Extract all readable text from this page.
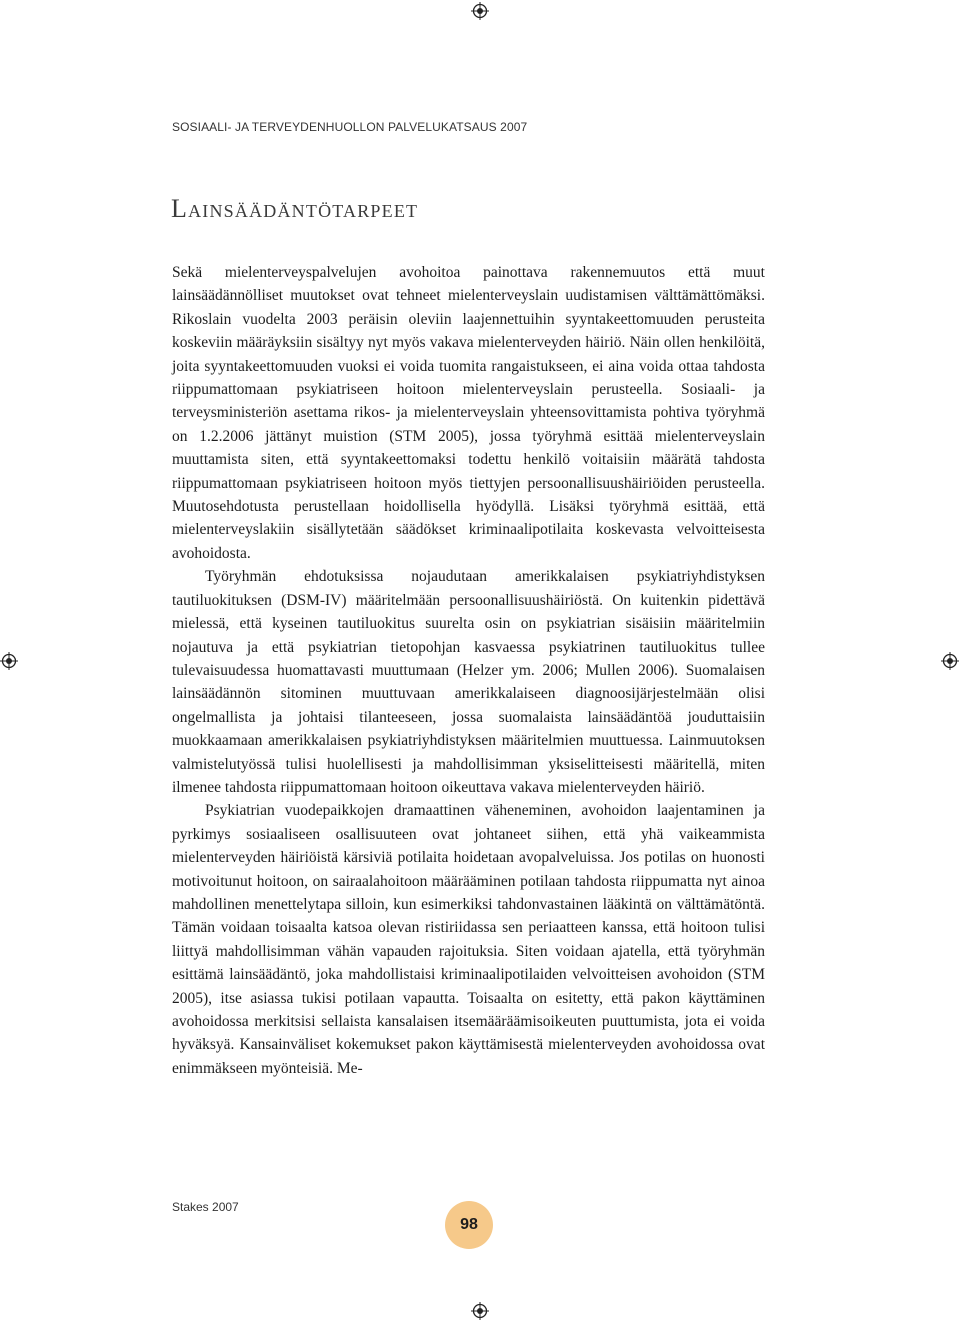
SOSIAALI- JA TERVEYDENHUOLLON PALVELUKATSAUS 2007
Lainsäädäntötarpeet

Sekä mielenterveyspalvelujen avohoitoa painottava rakennemuutos että muut lainsäädännölliset muutokset ovat tehneet mielenterveyslain uudistamisen välttämättömäksi. Rikoslain vuodelta 2003 peräisin oleviin laajennettuihin syyntakeettomuuden perusteita koskeviin määräyksiin sisältyy nyt myös vakava mielenterveyden häiriö. Näin ollen henkilöitä, joita syyntakeettomuuden vuoksi ei voida tuomita rangaistukseen, ei aina voida ottaa tahdosta riippumattomaan psykiatriseen hoitoon mielenterveyslain perusteella. Sosiaali- ja terveysministeriön asettama rikos- ja mielenterveyslain yhteensovittamista pohtiva työryhmä on 1.2.2006 jättänyt muistion (STM 2005), jossa työryhmä esittää mielenterveyslain muuttamista siten, että syyntakeettomaksi todettu henkilö voitaisiin määrätä tahdosta riippumattomaan psykiatriseen hoitoon myös tiettyjen persoonallisuushäiriöiden perusteella. Muutosehdotusta perustellaan hoidollisella hyödyllä. Lisäksi työryhmä esittää, että mielenterveyslakiin sisällytetään säädökset kriminaalipotilaita koskevasta velvoitteisesta avohoidosta.

Työryhmän ehdotuksissa nojaudutaan amerikkalaisen psykiatriyhdistyksen tautiluokituksen (DSM-IV) määritelmään persoonallisuushäiriöstä. On kuitenkin pidettävä mielessä, että kyseinen tautiluokitus suurelta osin on psykiatrian sisäisiin määritelmiin nojautuva ja että psykiatrian tietopohjan kasvaessa psykiatrinen tautiluokitus tullee tulevaisuudessa huomattavasti muuttumaan (Helzer ym. 2006; Mullen 2006). Suomalaisen lainsäädännön sitominen muuttuvaan amerikkalaiseen diagnoosijärjestelmään olisi ongelmallista ja johtaisi tilanteeseen, jossa suomalaista lainsäädäntöä jouduttaisiin muokkaamaan amerikkalaisen psykiatriyhdistyksen määritelmien muuttuessa. Lainmuutoksen valmistelutyössä tulisi huolellisesti ja mahdollisimman yksiselitteisesti määritellä, miten ilmenee tahdosta riippumattomaan hoitoon oikeuttava vakava mielenterveyden häiriö.

Psykiatrian vuodepaikkojen dramaattinen väheneminen, avohoidon laajentaminen ja pyrkimys sosiaaliseen osallisuuteen ovat johtaneet siihen, että yhä vaikeammista mielenterveyden häiriöistä kärsiviä potilaita hoidetaan avopalveluissa. Jos potilas on huonosti motivoitunut hoitoon, on sairaalahoitoon määrääminen potilaan tahdosta riippumatta nyt ainoa mahdollinen menettelytapa silloin, kun esimerkiksi tahdonvastainen lääkintä on välttämätöntä. Tämän voidaan toisaalta katsoa olevan ristiriidassa sen periaatteen kanssa, että hoitoon tulisi liittyä mahdollisimman vähän vapauden rajoituksia. Siten voidaan ajatella, että työryhmän esittämä lainsäädäntö, joka mahdollistaisi kriminaalipotilaiden velvoitteisen avohoidon (STM 2005), itse asiassa tukisi potilaan vapautta. Toisaalta on esitetty, että pakon käyttäminen avohoidossa merkitsisi sellaista kansalaisen itsemääräämisoikeuten puuttumista, jota ei voida hyväksyä. Kansainväliset kokemukset pakon käyttämisestä mielenterveyden avohoidossa ovat enimmäkseen myönteisiä. Me-

Stakes 2007
98
